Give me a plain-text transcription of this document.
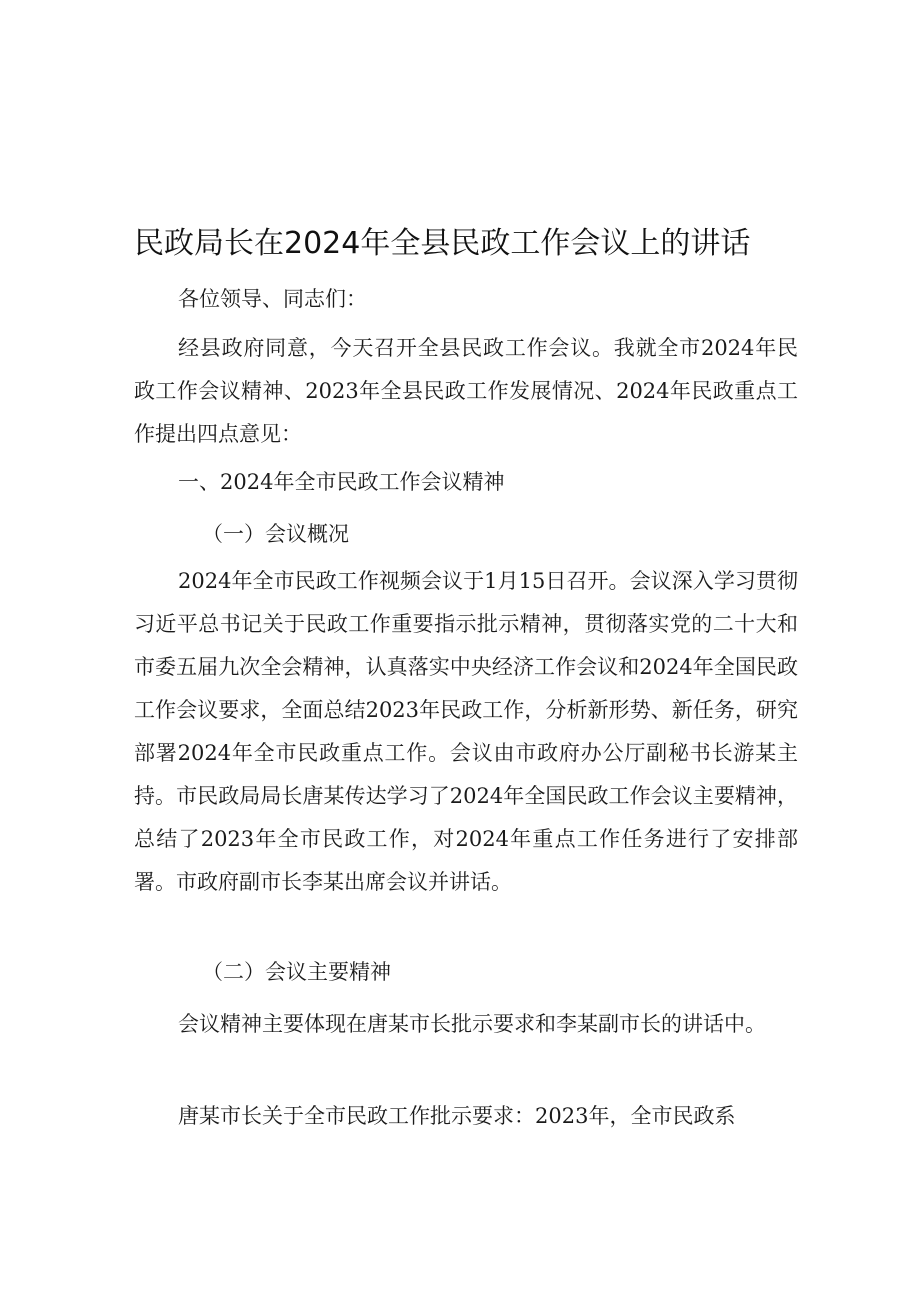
民政局长在2024年全县民政工作会议上的讲话

各位领导、同志们：

经县政府同意，今天召开全县民政工作会议。我就全市2024年民政工作会议精神、2023年全县民政工作发展情况、2024年民政重点工作提出四点意见：

一、2024年全市民政工作会议精神

（一）会议概况

2024年全市民政工作视频会议于1月15日召开。会议深入学习贯彻习近平总书记关于民政工作重要指示批示精神，贯彻落实党的二十大和市委五届九次全会精神，认真落实中央经济工作会议和2024年全国民政工作会议要求，全面总结2023年民政工作，分析新形势、新任务，研究部署2024年全市民政重点工作。会议由市政府办公厅副秘书长游某主持。市民政局局长唐某传达学习了2024年全国民政工作会议主要精神，总结了2023年全市民政工作，对2024年重点工作任务进行了安排部署。市政府副市长李某出席会议并讲话。

（二）会议主要精神

会议精神主要体现在唐某市长批示要求和李某副市长的讲话中。

唐某市长关于全市民政工作批示要求：2023年，全市民政系
